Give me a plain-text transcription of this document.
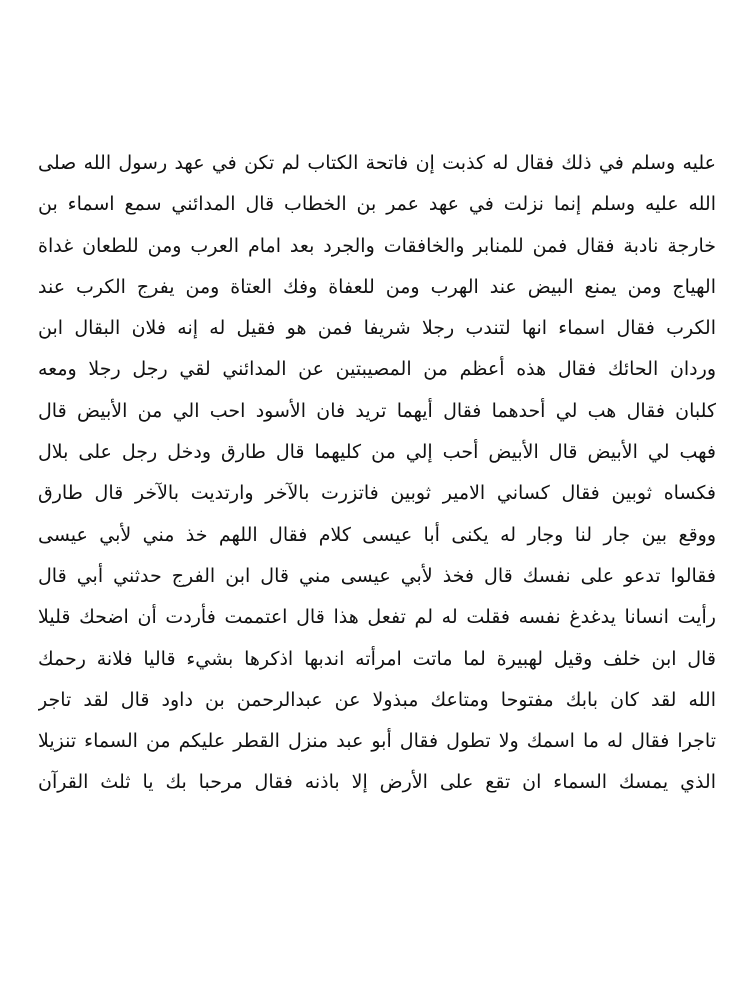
عليه وسلم في ذلك فقال له كذبت إن فاتحة الكتاب لم تكن في عهد رسول الله صلى
الله عليه وسلم إنما نزلت في عهد عمر بن الخطاب قال المدائني سمع اسماء بن
خارجة نادبة فقال فمن للمنابر والخافقات والجرد بعد امام العرب ومن للطعان غداة
الهياج ومن يمنع البيض عند الهرب ومن للعفاة وفك العتاة ومن يفرج الكرب عند
الكرب فقال اسماء انها لتندب رجلا شريفا فمن هو فقيل له إنه فلان البقال ابن
وردان الحائك فقال هذه أعظم من المصيبتين عن المدائني لقي رجل رجلا ومعه
كلبان فقال هب لي أحدهما فقال أيهما تريد فان الأسود احب الي من الأبيض قال
فهب لي الأبيض قال الأبيض أحب إلي من كليهما قال طارق ودخل رجل على بلال
فكساه ثوبين فقال كساني الامير ثوبين فاتزرت بالآخر وارتديت بالآخر قال طارق
ووقع بين جار لنا وجار له يكنى أبا عيسى كلام فقال اللهم خذ مني لأبي عيسى
فقالوا تدعو على نفسك قال فخذ لأبي عيسى مني قال ابن الفرج حدثني أبي قال
رأيت انسانا يدغدغ نفسه فقلت له لم تفعل هذا قال اعتممت فأردت أن اضحك قليلا
قال ابن خلف وقيل لهبيرة لما ماتت امرأته اندبها اذكرها بشيء قاليا فلانة رحمك
الله لقد كان بابك مفتوحا ومتاعك مبذولا عن عبدالرحمن بن داود قال لقد تاجر
تاجرا فقال له ما اسمك ولا تطول فقال أبو عبد منزل القطر عليكم من السماء تنزيلا
الذي يمسك السماء ان تقع على الأرض إلا باذنه فقال مرحبا بك يا ثلث القرآن
